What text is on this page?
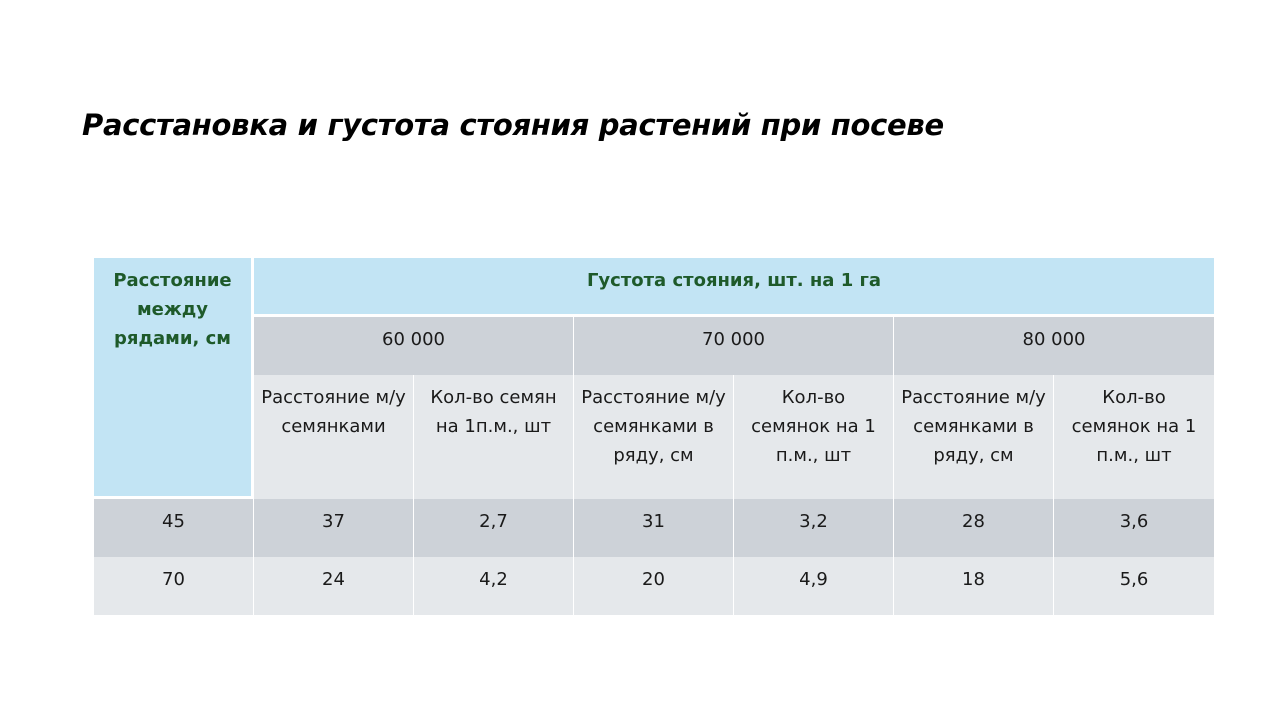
Расстановка и густота стояния растений при посеве
Расстояние между рядами, см	Густота стояния, шт. на 1 га					
	60 000		70 000		80 000	
	Расстояние м/у семянками	Кол-во семян на 1п.м., шт	Расстояние м/у семянками в ряду, см	Кол-во семянок на 1 п.м., шт	Расстояние м/у семянками в ряду, см	Кол-во семянок на 1 п.м., шт
45	37	2,7	31	3,2	28	3,6
70	24	4,2	20	4,9	18	5,6
